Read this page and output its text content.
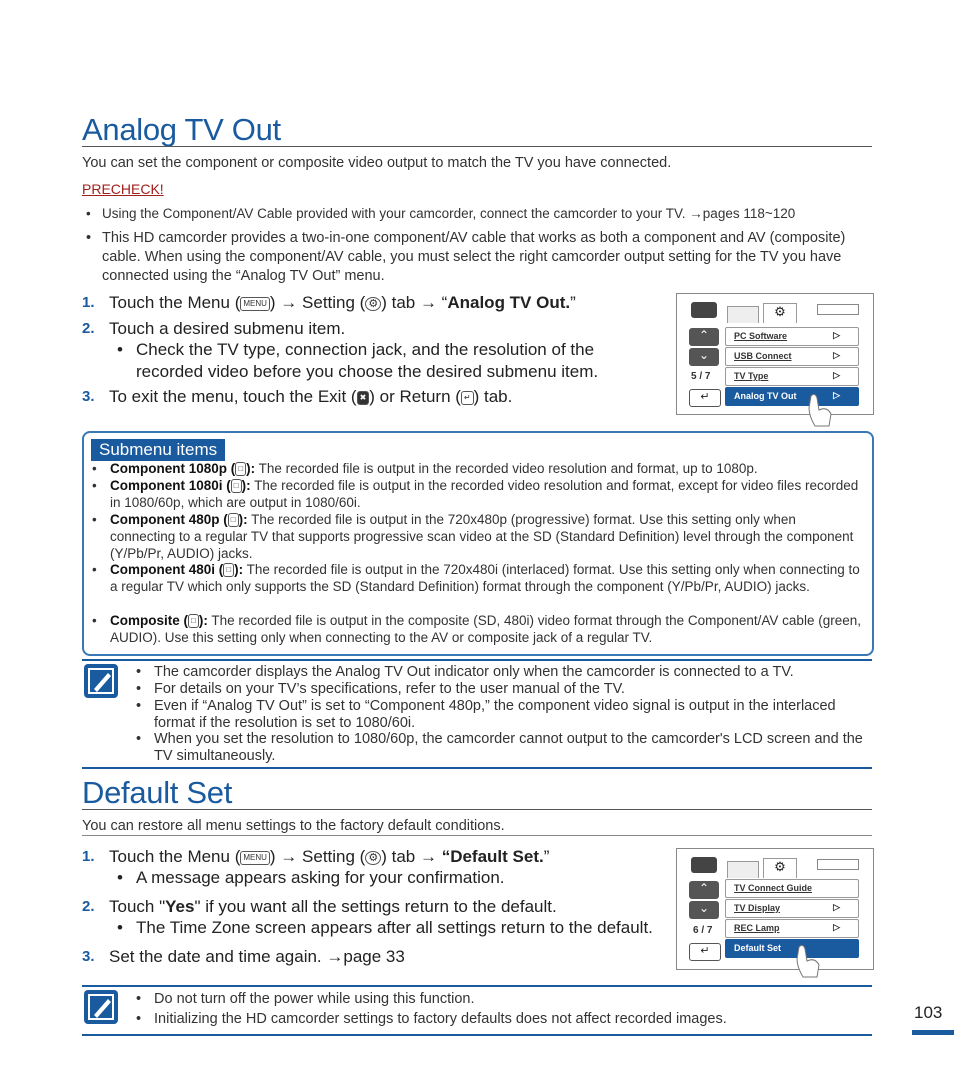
Analog TV Out
You can set the component or composite video output to match the TV you have connected.
PRECHECK!
• Using the Component/AV Cable provided with your camcorder, connect the camcorder to your TV. →pages 118~120
• This HD camcorder provides a two-in-one component/AV cable that works as both a component and AV (composite) cable. When using the component/AV cable, you must select the right camcorder output setting for the TV you have connected using the “Analog TV Out” menu.
1. Touch the Menu ( MENU ) → Setting ( ⚙ ) tab → “Analog TV Out.”
2. Touch a desired submenu item.
• Check the TV type, connection jack, and the resolution of the recorded video before you choose the desired submenu item.
3. To exit the menu, touch the Exit ( ✖ ) or Return ( ↵ ) tab.
⚙
⌃
⌄
5 / 7
↵
PC Software	▷
USB Connect	▷
TV Type	▷
Analog TV Out	▷
Submenu items
• Component 1080p ( □ ): The recorded file is output in the recorded video resolution and format, up to 1080p.
• Component 1080i ( □ ): The recorded file is output in the recorded video resolution and format, except for video files recorded in 1080/60p, which are output in 1080/60i.
• Component 480p ( □ ): The recorded file is output in the 720x480p (progressive) format. Use this setting only when connecting to a regular TV that supports progressive scan video at the SD (Standard Definition) level through the component (Y/Pb/Pr, AUDIO) jacks.
• Component 480i ( □ ): The recorded file is output in the 720x480i (interlaced) format. Use this setting only when connecting to a regular TV which only supports the SD (Standard Definition) format through the component (Y/Pb/Pr, AUDIO) jacks.
• Composite ( □ ): The recorded file is output in the composite (SD, 480i) video format through the Component/AV cable (green, AUDIO). Use this setting only when connecting to the AV or composite jack of a regular TV.
• The camcorder displays the Analog TV Out indicator only when the camcorder is connected to a TV.
• For details on your TV’s specifications, refer to the user manual of the TV.
• Even if “Analog TV Out” is set to “Component 480p,” the component video signal is output in the interlaced format if the resolution is set to 1080/60i.
• When you set the resolution to 1080/60p, the camcorder cannot output to the camcorder's LCD screen and the TV simultaneously.
Default Set
You can restore all menu settings to the factory default conditions.
1. Touch the Menu ( MENU ) → Setting ( ⚙ ) tab → “Default Set.”
• A message appears asking for your confirmation.
2. Touch "Yes" if you want all the settings return to the default.
• The Time Zone screen appears after all settings return to the default.
3. Set the date and time again. →page 33
⚙
⌃
⌄
6 / 7
↵
TV Connect Guide
TV Display	▷
REC Lamp	▷
Default Set
• Do not turn off the power while using this function.
• Initializing the HD camcorder settings to factory defaults does not affect recorded images.	103
